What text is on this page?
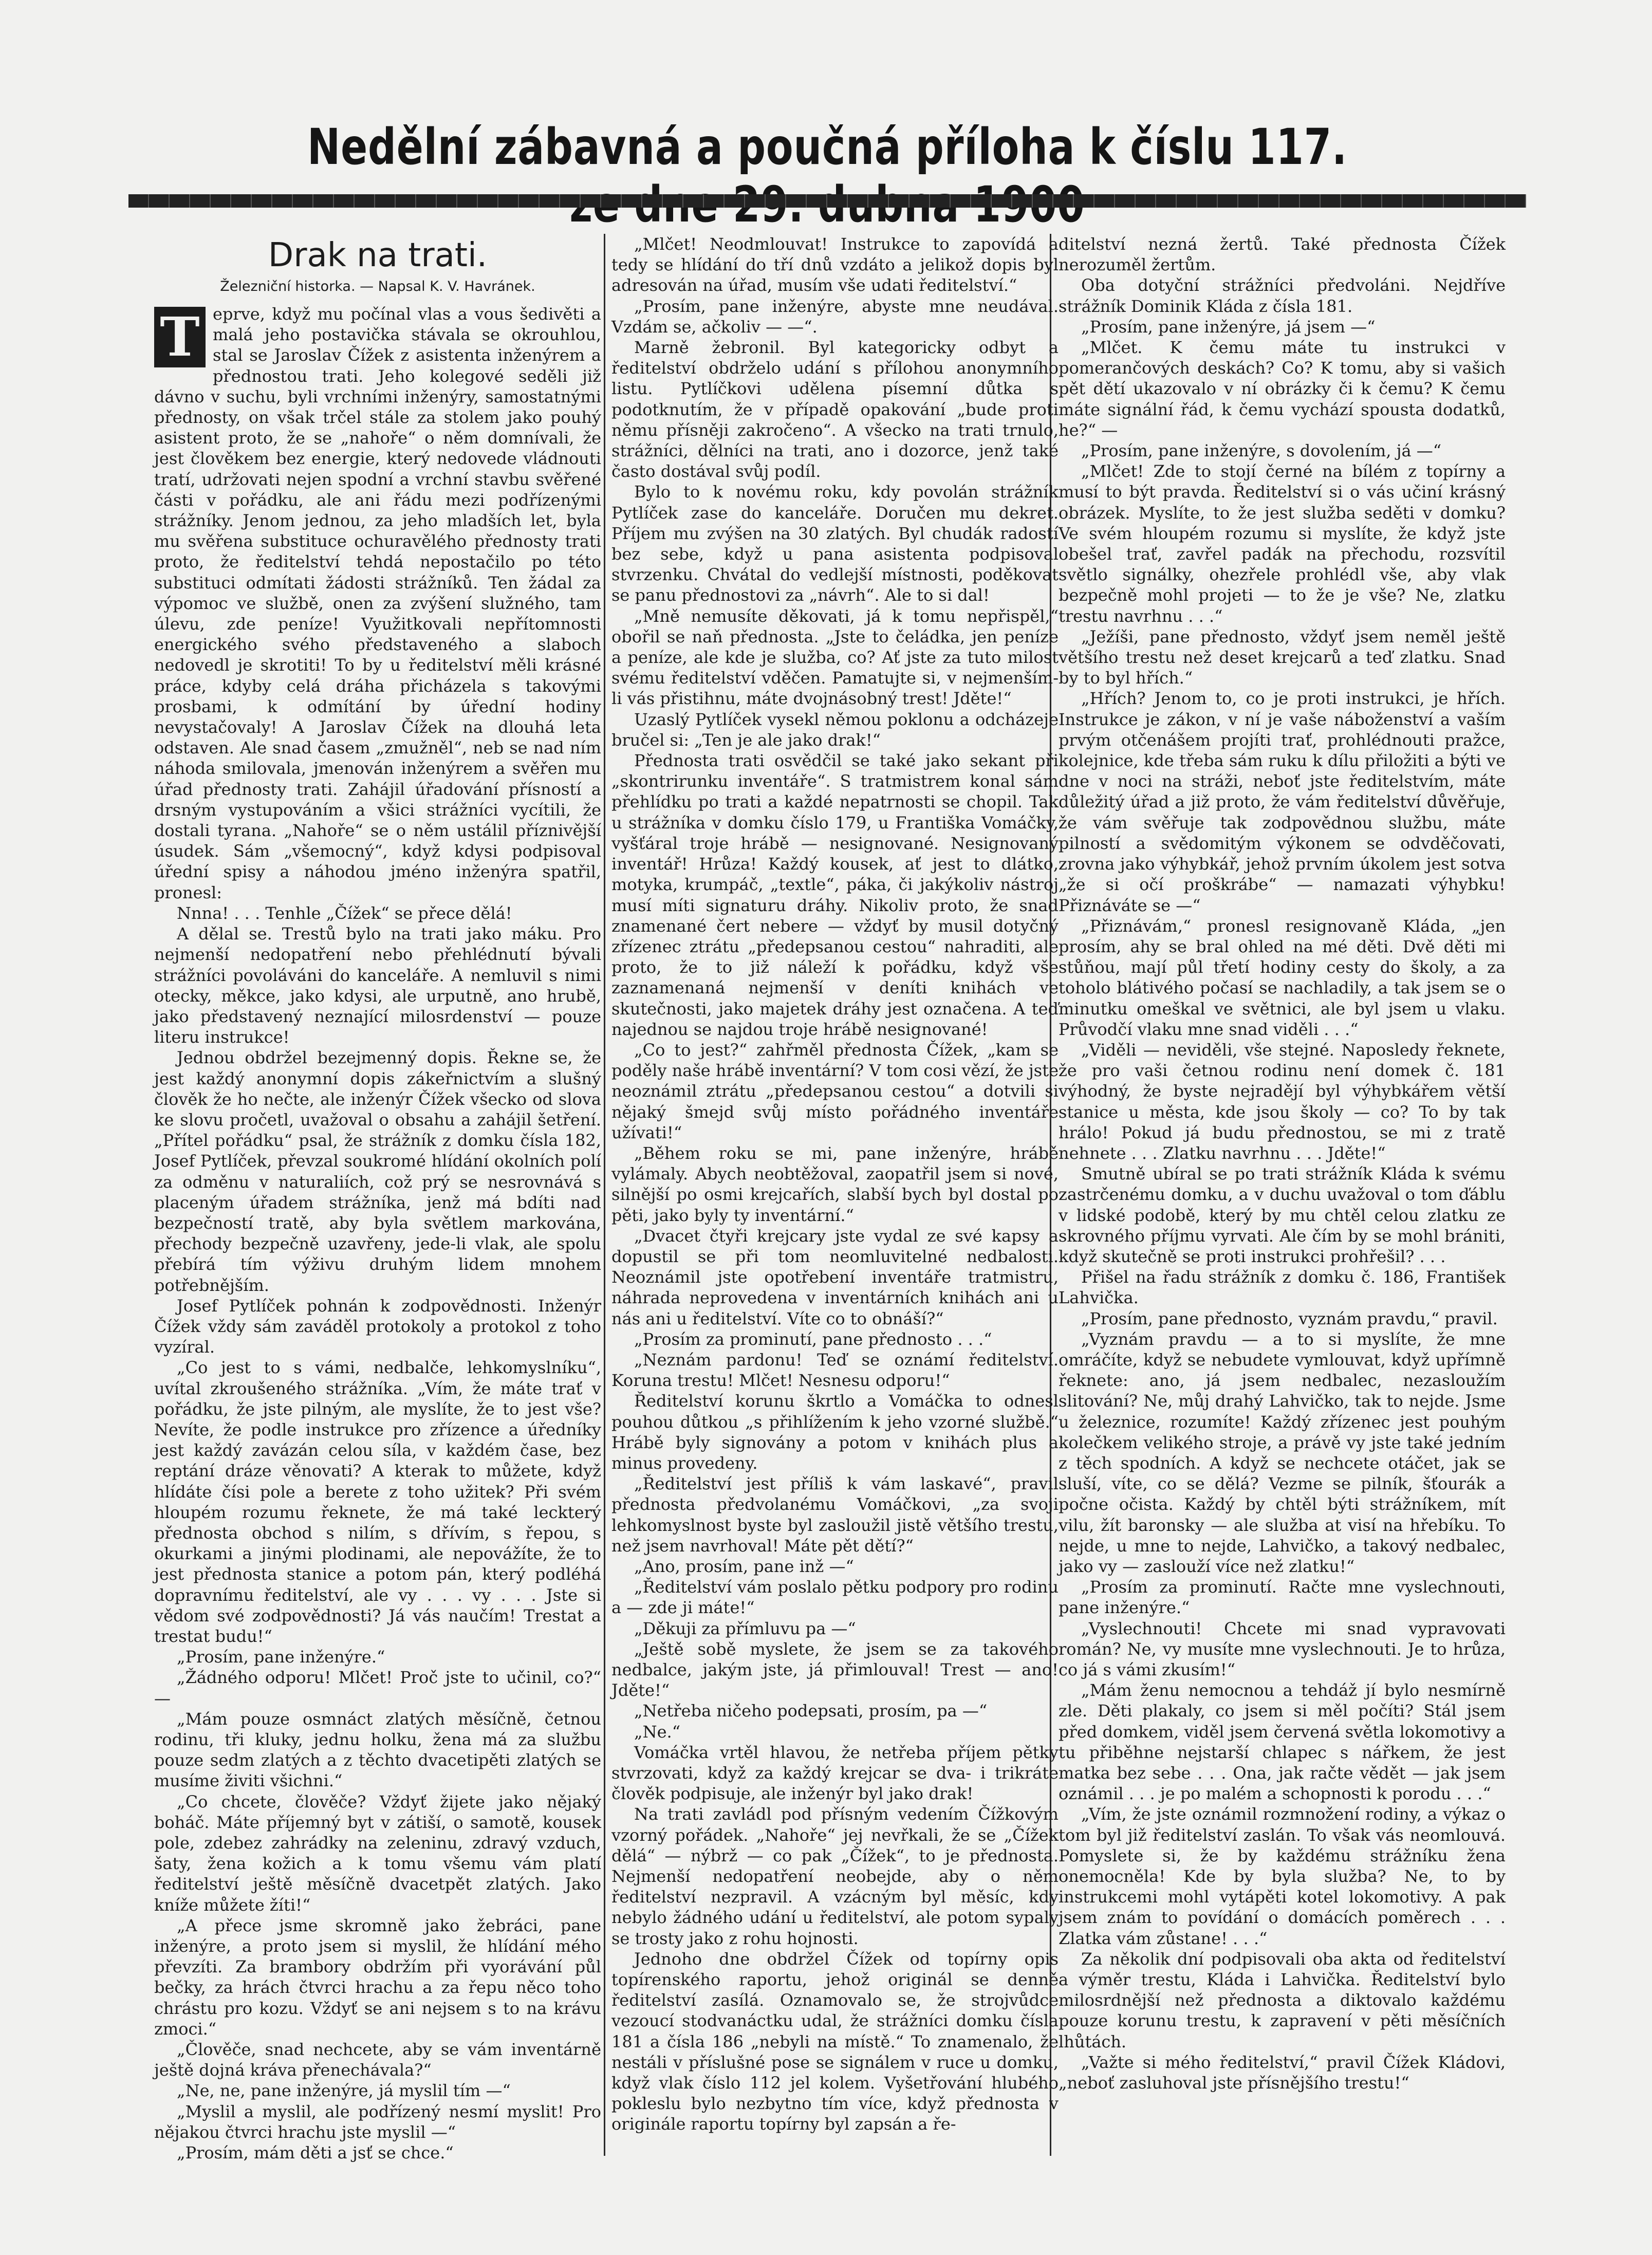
Nedělní zábavná a poučná příloha k číslu 117.
Drak na trati.
Železniční historka. — Napsal K. V. Havránek.
T eprve, když mu počínal vlas a vous šedivěti a malá jeho postavička stávala se okrouhlou, stal se Jaroslav Čížek z asistenta inženýrem a přednostou trati. Jeho kolegové seděli již dávno v suchu, byli vrchními inženýry, samostatnými přednosty, on však trčel stále za stolem jako pouhý asistent proto, že se „nahoře“ o něm domnívali, že jest člověkem bez energie, který nedovede vládnouti tratí, udržovati nejen spodní a vrchní stavbu svěřené části v pořádku, ale ani řádu mezi podřízenými strážníky. Jenom jednou, za jeho mladších let, byla mu svěřena substituce ochuravělého přednosty trati proto, že ředitelství tehdá nepostačilo po této substituci odmítati žádosti strážníků. Ten žádal za výpomoc ve službě, onen za zvýšení služného, tam úlevu, zde peníze! Využitkovali nepřítomnosti energického svého představeného a slaboch nedovedl je skrotiti! To by u ředitelství měli krásné práce, kdyby celá dráha přicházela s takovými prosbami, k odmítání by úřední hodiny nevystačovaly! A Jaroslav Čížek na dlouhá leta odstaven. Ale snad časem „zmužněl“, neb se nad ním náhoda smilovala, jmenován inženýrem a svěřen mu úřad přednosty trati. Zahájil úřadování přísností a drsným vystupováním a všici strážníci vycítili, že dostali tyrana. „Nahoře“ se o něm ustálil příznivější úsudek. Sám „všemocný“, když kdysi podpisoval úřední spisy a náhodou jméno inženýra spatřil, pronesl:

Nnna! . . . Tenhle „Čížek“ se přece dělá!

A dělal se. Trestů bylo na trati jako máku. Pro nejmenší nedopatření nebo přehlédnutí bývali strážníci povoláváni do kanceláře. A nemluvil s nimi otecky, měkce, jako kdysi, ale urputně, ano hrubě, jako představený neznající milosrdenství — pouze literu instrukce!

Jednou obdržel bezejmenný dopis. Řekne se, že jest každý anonymní dopis zákeřnictvím a slušný člověk že ho nečte, ale inženýr Čížek všecko od slova ke slovu pročetl, uvažoval o obsahu a zahájil šetření. „Přítel pořádku“ psal, že strážník z domku čísla 182, Josef Pytlíček, převzal soukromé hlídání okolních polí za odměnu v naturaliích, což prý se nesrovnává s placeným úřadem strážníka, jenž má bdíti nad bezpečností tratě, aby byla světlem markována, přechody bezpečně uzavřeny, jede-li vlak, ale spolu přebírá tím výživu druhým lidem mnohem potřebnějším.

Josef Pytlíček pohnán k zodpovědnosti. Inženýr Čížek vždy sám zaváděl protokoly a protokol z toho vyzíral.

„Co jest to s vámi, nedbalče, lehkomyslníku“, uvítal zkroušeného strážníka. „Vím, že máte trať v pořádku, že jste pilným, ale myslíte, že to jest vše? Nevíte, že podle instrukce pro zřízence a úředníky jest každý zavázán celou síla, v každém čase, bez reptání dráze věnovati? A kterak to můžete, když hlídáte čísi pole a berete z toho užitek? Při svém hloupém rozumu řeknete, že má také leckterý přednosta obchod s nilím, s dřívím, s řepou, s okurkami a jinými plodinami, ale nepovážíte, že to jest přednosta stanice a potom pán, který podléhá dopravnímu ředitelství, ale vy . . . vy . . . Jste si vědom své zodpovědnosti? Já vás naučím! Trestat a trestat budu!“

„Prosím, pane inženýre.“

„Žádného odporu! Mlčet! Proč jste to učinil, co?“ —

„Mám pouze osmnáct zlatých měsíčně, četnou rodinu, tři kluky, jednu holku, žena má za službu pouze sedm zlatých a z těchto dvacetipěti zlatých se musíme živiti všichni.“

„Co chcete, člověče? Vždyť žijete jako nějaký boháč. Máte příjemný byt v zátiší, o samotě, kousek pole, zdebez zahrádky na zeleninu, zdravý vzduch, šaty, žena kožich a k tomu všemu vám platí ředitelství ještě měsíčně dvacetpět zlatých. Jako kníže můžete žíti!“

„A přece jsme skromně jako žebráci, pane inženýre, a proto jsem si myslil, že hlídání mého převzíti. Za brambory obdržím při vyorávání půl bečky, za hrách čtvrci hrachu a za řepu něco toho chrástu pro kozu. Vždyť se ani nejsem s to na krávu zmoci.“

„Člověče, snad nechcete, aby se vám inventárně ještě dojná kráva přenechávala?“

„Ne, ne, pane inženýre, já myslil tím —“

„Myslil a myslil, ale podřízený nesmí myslit! Pro nějakou čtvrci hrachu jste myslil —“

„Prosím, mám děti a jsť se chce.“

„Mlčet! Neodmlouvat! Instrukce to zapovídá a tedy se hlídání do tří dnů vzdáto a jelikož dopis byl adresován na úřad, musím vše udati ředitelství.“

„Prosím, pane inženýre, abyste mne neudával. Vzdám se, ačkoliv — —“.

Marně žebronil. Byl kategoricky odbyt a ředitelství obdrželo udání s přílohou anonymního listu. Pytlíčkovi udělena písemní důtka s podotknutím, že v případě opakování „bude proti němu přísněji zakročeno“. A všecko na trati trnulo, strážníci, dělníci na trati, ano i dozorce, jenž také často dostával svůj podíl.

Bylo to k novému roku, kdy povolán strážník Pytlíček zase do kanceláře. Doručen mu dekret. Příjem mu zvýšen na 30 zlatých. Byl chudák radostí bez sebe, když u pana asistenta podpisoval stvrzenku. Chvátal do vedlejší místnosti, poděkovat se panu přednostovi za „návrh“. Ale to si dal!

„Mně nemusíte děkovati, já k tomu nepřispěl,“ obořil se naň přednosta. „Jste to čeládka, jen peníze a peníze, ale kde je služba, co? Ať jste za tuto milost svému ředitelství vděčen. Pamatujte si, v nejmenším-li vás přistihnu, máte dvojnásobný trest! Jděte!“

Uzaslý Pytlíček vysekl němou poklonu a odcházeje bručel si: „Ten je ale jako drak!“

Přednosta trati osvědčil se také jako sekant při „skontrirunku inventáře“. S tratmistrem konal sám přehlídku po trati a každé nepatrnosti se chopil. Tak u strážníka v domku číslo 179, u Františka Vomáčky, vyšťáral troje hrábě — nesignované. Nesignovaný inventář! Hrůza! Každý kousek, ať jest to dlátko, motyka, krumpáč, „textle“, páka, či jakýkoliv nástroj musí míti signaturu dráhy. Nikoliv proto, že snad znamenané čert nebere — vždyť by musil dotyčný zřízenec ztrátu „předepsanou cestou“ nahraditi, ale proto, že to již náleží k pořádku, když vše zaznamenaná nejmenší v deníti knihách ve skutečnosti, jako majetek dráhy jest označena. A teď najednou se najdou troje hrábě nesignované!

„Co to jest?“ zahřměl přednosta Čížek, „kam se poděly naše hrábě inventární? V tom cosi vězí, že jste neoznámil ztrátu „předepsanou cestou“ a dotvili si nějaký šmejd svůj místo pořádného inventáře užívati!“

„Během roku se mi, pane inženýre, hrábě vylámaly. Abych neobtěžoval, zaopatřil jsem si nové, silnější po osmi krejcařích, slabší bych byl dostal po pěti, jako byly ty inventární.“

„Dvacet čtyři krejcary jste vydal ze své kapsy a dopustil se při tom neomluvitelné nedbalosti. Neoznámil jste opotřebení inventáře tratmistru, náhrada neprovedena v inventárních knihách ani u nás ani u ředitelství. Víte co to obnáší?“

„Prosím za prominutí, pane přednosto . . .“

„Neznám pardonu! Teď se oznámí ředitelství. Koruna trestu! Mlčet! Nesnesu odporu!“

Ředitelství korunu škrtlo a Vomáčka to odnesl pouhou důtkou „s přihlížením k jeho vzorné službě.“ Hrábě byly signovány a potom v knihách plus a minus provedeny.

„Ředitelství jest příliš k vám laskavé“, pravil přednosta předvolanému Vomáčkovi, „za svoji lehkomyslnost byste byl zasloužil jistě většího trestu, než jsem navrhoval! Máte pět dětí?“

„Ano, prosím, pane inž —“

„Ředitelství vám poslalo pětku podpory pro rodinu a — zde ji máte!“

„Děkuji za přímluvu pa —“

„Ještě sobě myslete, že jsem se za takového nedbalce, jakým jste, já přimlouval! Trest — ano! Jděte!“

„Netřeba ničeho podepsati, prosím, pa —“

„Ne.“

Vomáčka vrtěl hlavou, že netřeba příjem pětky stvrzovati, když za každý krejcar se dva- i trikráte člověk podpisuje, ale inženýr byl jako drak!

Na trati zavládl pod přísným vedením Čížkovým vzorný pořádek. „Nahoře“ jej nevřkali, že se „Čížek dělá“ — nýbrž — co pak „Čížek“, to je přednosta. Nejmenší nedopatření neobejde, aby o něm ředitelství nezpravil. A vzácným byl měsíc, kdy nebylo žádného udání u ředitelství, ale potom sypaly se trosty jako z rohu hojnosti.

Jednoho dne obdržel Čížek od topírny opis topírenského raportu, jehož originál se denně ředitelství zasílá. Oznamovalo se, že strojvůdce vezoucí stodvanáctku udal, že strážníci domku čísla 181 a čísla 186 „nebyli na místě.“ To znamenalo, že nestáli v příslušné pose se signálem v ruce u domku, když vlak číslo 112 jel kolem. Vyšetřování hlubého pokleslu bylo nezbytno tím více, když přednosta v originále raportu topírny byl zapsán a ře-

ditelství nezná žertů. Také přednosta Čížek nerozuměl žertům.

Oba dotyční strážníci předvoláni. Nejdříve strážník Dominik Kláda z čísla 181.

„Prosím, pane inženýre, já jsem —“

„Mlčet. K čemu máte tu instrukci v pomerančových deskách? Co? K tomu, aby si vašich pět dětí ukazovalo v ní obrázky či k čemu? K čemu máte signální řád, k čemu vychází spousta dodatků, he?“ —

„Prosím, pane inženýre, s dovolením, já —“

„Mlčet! Zde to stojí černé na bílém z topírny a musí to být pravda. Ředitelství si o vás učiní krásný obrázek. Myslíte, to že jest služba seděti v domku? Ve svém hloupém rozumu si myslíte, že když jste obešel trať, zavřel padák na přechodu, rozsvítil světlo signálky, ohezřele prohlédl vše, aby vlak bezpečně mohl projeti — to že je vše? Ne, zlatku trestu navrhnu . . .“

„Ježíši, pane přednosto, vždyť jsem neměl ještě většího trestu než deset krejcarů a teď zlatku. Snad by to byl hřích.“

„Hřích? Jenom to, co je proti instrukci, je hřích. Instrukce je zákon, v ní je vaše náboženství a vaším prvým otčenášem projíti trať, prohlédnouti pražce, kolejnice, kde třeba sám ruku k dílu přiložiti a býti ve dne v noci na stráži, neboť jste ředitelstvím, máte důležitý úřad a již proto, že vám ředitelství důvěřuje, že vám svěřuje tak zodpovědnou službu, máte pilností a svědomitým výkonem se odvděčovati, zrovna jako výhybkář, jehož prvním úkolem jest sotva „že si očí proškrábe“ — namazati výhybku! Přiznáváte se —“

„Přiznávám,“ pronesl resignovaně Kláda, „jen prosím, ahy se bral ohled na mé děti. Dvě děti mi stůňou, mají půl třetí hodiny cesty do školy, a za toholo blátivého počasí se nachladily, a tak jsem se o minutku omeškal ve světnici, ale byl jsem u vlaku. Průvodčí vlaku mne snad viděli . . .“

„Viděli — neviděli, vše stejné. Naposledy řeknete, že pro vaši četnou rodinu není domek č. 181 výhodný, že byste nejradějí byl výhybkářem větší stanice u města, kde jsou školy — co? To by tak hrálo! Pokud já budu přednostou, se mi z tratě nehnete . . . Zlatku navrhnu . . . Jděte!“

Smutně ubíral se po trati strážník Kláda k svému zastrčenému domku, a v duchu uvažoval o tom ďáblu v lidské podobě, který by mu chtěl celou zlatku ze skrovného příjmu vyrvati. Ale čím by se mohl brániti, když skutečně se proti instrukci prohřešil? . . .

Přišel na řadu strážník z domku č. 186, František Lahvička.

„Prosím, pane přednosto, vyznám pravdu,“ pravil.

„Vyznám pravdu — a to si myslíte, že mne omráčíte, když se nebudete vymlouvat, když upřímně řeknete: ano, já jsem nedbalec, nezasloužím slitování? Ne, můj drahý Lahvičko, tak to nejde. Jsme u železnice, rozumíte! Každý zřízenec jest pouhým kolečkem velikého stroje, a právě vy jste také jedním z těch spodních. A když se nechcete otáčet, jak se sluší, víte, co se dělá? Vezme se pilník, šťourák a počne očista. Každý by chtěl býti strážníkem, mít vilu, žít baronsky — ale služba at visí na hřebíku. To nejde, u mne to nejde, Lahvičko, a takový nedbalec, jako vy — zaslouží více než zlatku!“

„Prosím za prominutí. Račte mne vyslechnouti, pane inženýre.“

„Vyslechnouti! Chcete mi snad vypravovati román? Ne, vy musíte mne vyslechnouti. Je to hrůza, co já s vámi zkusím!“

„Mám ženu nemocnou a tehdáž jí bylo nesmírně zle. Děti plakaly, co jsem si měl počíti? Stál jsem před domkem, viděl jsem červená světla lokomotivy a tu přiběhne nejstarší chlapec s nářkem, že jest matka bez sebe . . . Ona, jak račte vědět — jak jsem oznámil . . . je po malém a schopnosti k porodu . . .“

„Vím, že jste oznámil rozmnožení rodiny, a výkaz o tom byl již ředitelství zaslán. To však vás neomlouvá. Pomyslete si, že by každému strážníku žena onemocněla! Kde by byla služba? Ne, to by instrukcemi mohl vytápěti kotel lokomotivy. A pak jsem znám to povídání o domácích poměrech . . . Zlatka vám zůstane! . . .“

Za několik dní podpisovali oba akta od ředitelství a výměr trestu, Kláda i Lahvička. Ředitelství bylo milosrdnější než přednosta a diktovalo každému pouze korunu trestu, k zapravení v pěti měsíčních lhůtách.

„Važte si mého ředitelství,“ pravil Čížek Kládovi, „neboť zasluhoval jste přísnějšího trestu!“
